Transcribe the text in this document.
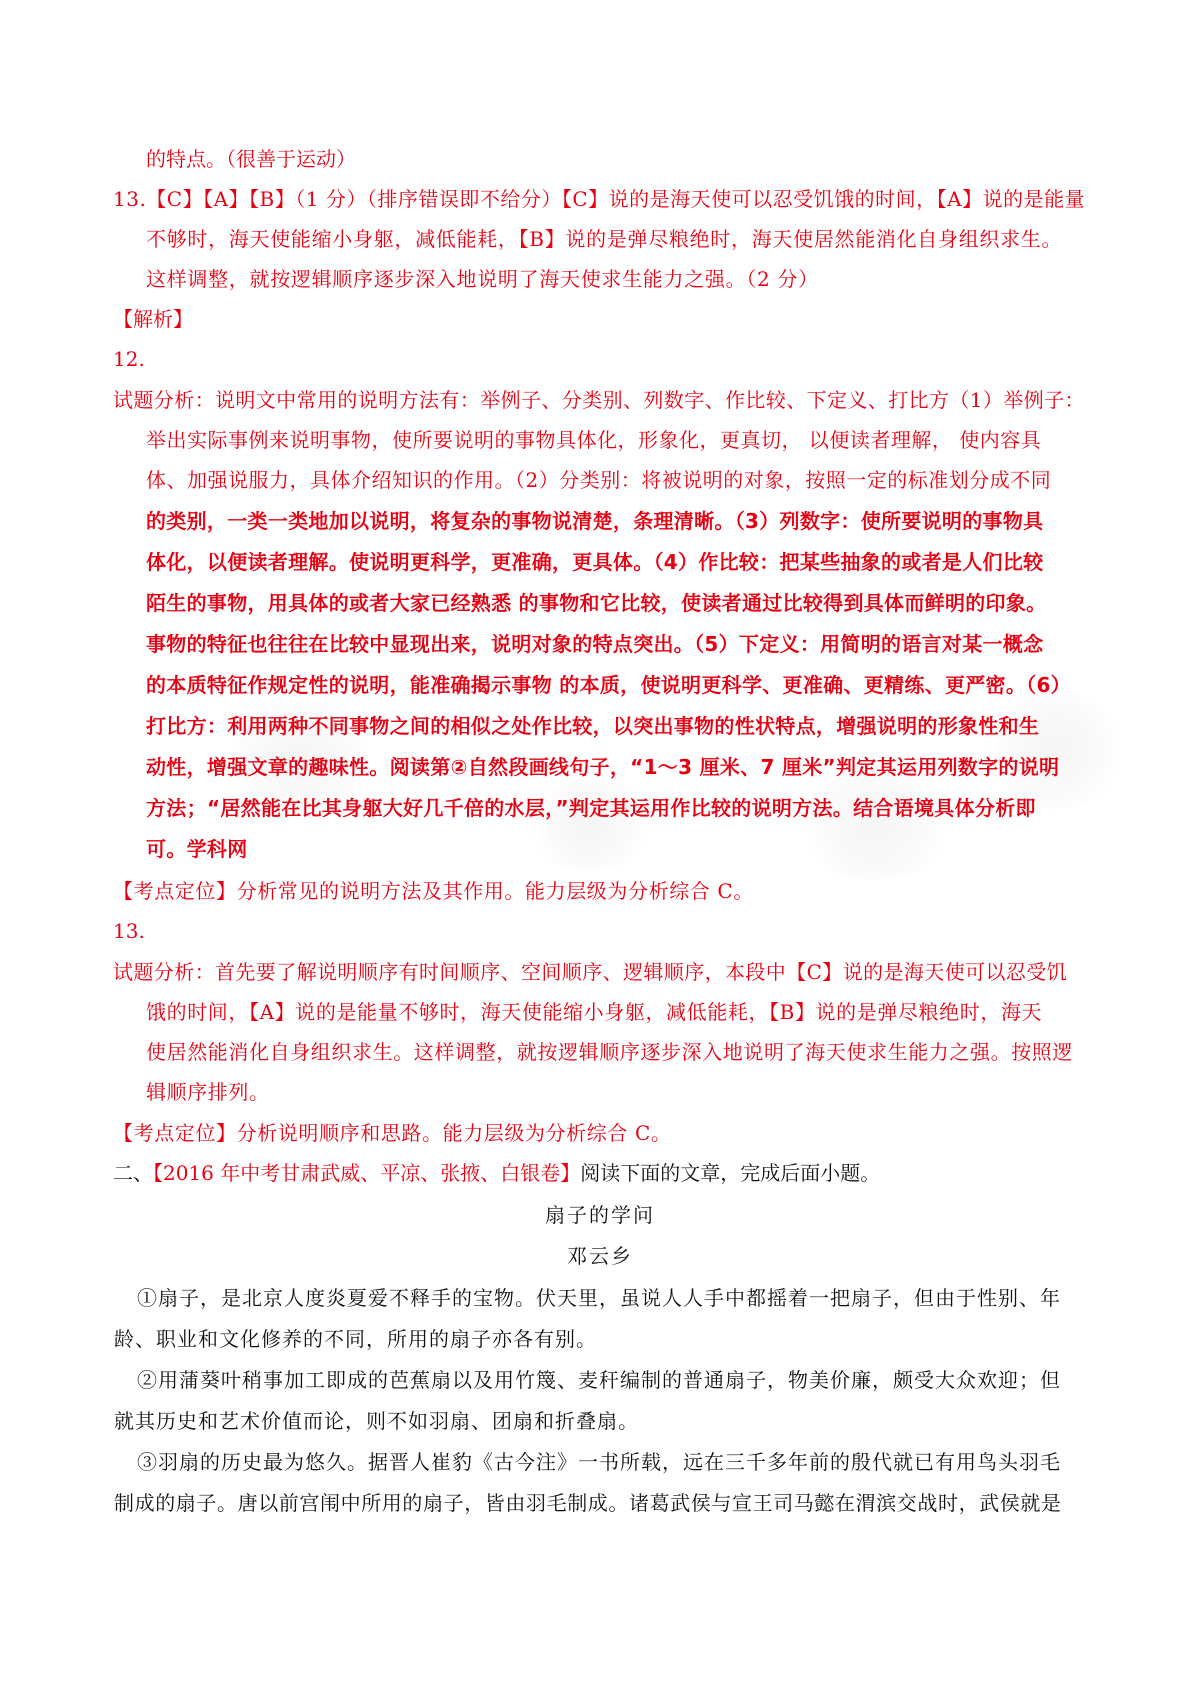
的特点。（很善于运动）
13.【C】【A】【B】（1 分）（排序错误即不给分）【C】说的是海天使可以忍受饥饿的时间，【A】说的是能量
不够时，海天使能缩小身躯，减低能耗，【B】说的是弹尽粮绝时，海天使居然能消化自身组织求生。
这样调整，就按逻辑顺序逐步深入地说明了海天使求生能力之强。（2 分）
【解析】
12.
试题分析：说明文中常用的说明方法有：举例子、分类别、列数字、作比较、下定义、打比方（1）举例子：
举出实际事例来说明事物，使所要说明的事物具体化，形象化，更真切， 以便读者理解， 使内容具
体、加强说服力，具体介绍知识的作用。（2）分类别：将被说明的对象，按照一定的标准划分成不同
的类别，一类一类地加以说明，将复杂的事物说清楚，条理清晰。（3）列数字：使所要说明的事物具
体化，以便读者理解。使说明更科学，更准确，更具体。（4）作比较：把某些抽象的或者是人们比较
陌生的事物，用具体的或者大家已经熟悉 的事物和它比较，使读者通过比较得到具体而鲜明的印象。
事物的特征也往往在比较中显现出来，说明对象的特点突出。（5）下定义：用简明的语言对某一概念
的本质特征作规定性的说明，能准确揭示事物 的本质，使说明更科学、更准确、更精练、更严密。（6）
打比方：利用两种不同事物之间的相似之处作比较，以突出事物的性状特点，增强说明的形象性和生
动性，增强文章的趣味性。阅读第②自然段画线句子，“1～3 厘米、7 厘米”判定其运用列数字的说明
方法；“居然能在比其身躯大好几千倍的水层，”判定其运用作比较的说明方法。结合语境具体分析即
可。学科网
【考点定位】分析常见的说明方法及其作用。能力层级为分析综合 C。
13.
试题分析：首先要了解说明顺序有时间顺序、空间顺序、逻辑顺序，本段中【C】说的是海天使可以忍受饥
饿的时间，【A】说的是能量不够时，海天使能缩小身躯，减低能耗，【B】说的是弹尽粮绝时，海天
使居然能消化自身组织求生。这样调整，就按逻辑顺序逐步深入地说明了海天使求生能力之强。按照逻
辑顺序排列。
【考点定位】分析说明顺序和思路。能力层级为分析综合 C。
二、【2016 年中考甘肃武威、平凉、张掖、白银卷】阅读下面的文章，完成后面小题。
扇子的学问
邓云乡
①扇子，是北京人度炎夏爱不释手的宝物。伏天里，虽说人人手中都摇着一把扇子，但由于性别、年
龄、职业和文化修养的不同，所用的扇子亦各有别。
②用蒲葵叶稍事加工即成的芭蕉扇以及用竹篾、麦秆编制的普通扇子，物美价廉，颇受大众欢迎；但
就其历史和艺术价值而论，则不如羽扇、团扇和折叠扇。
③羽扇的历史最为悠久。据晋人崔豹《古今注》一书所载，远在三千多年前的殷代就已有用鸟头羽毛
制成的扇子。唐以前宫闱中所用的扇子，皆由羽毛制成。诸葛武侯与宣王司马懿在渭滨交战时，武侯就是
